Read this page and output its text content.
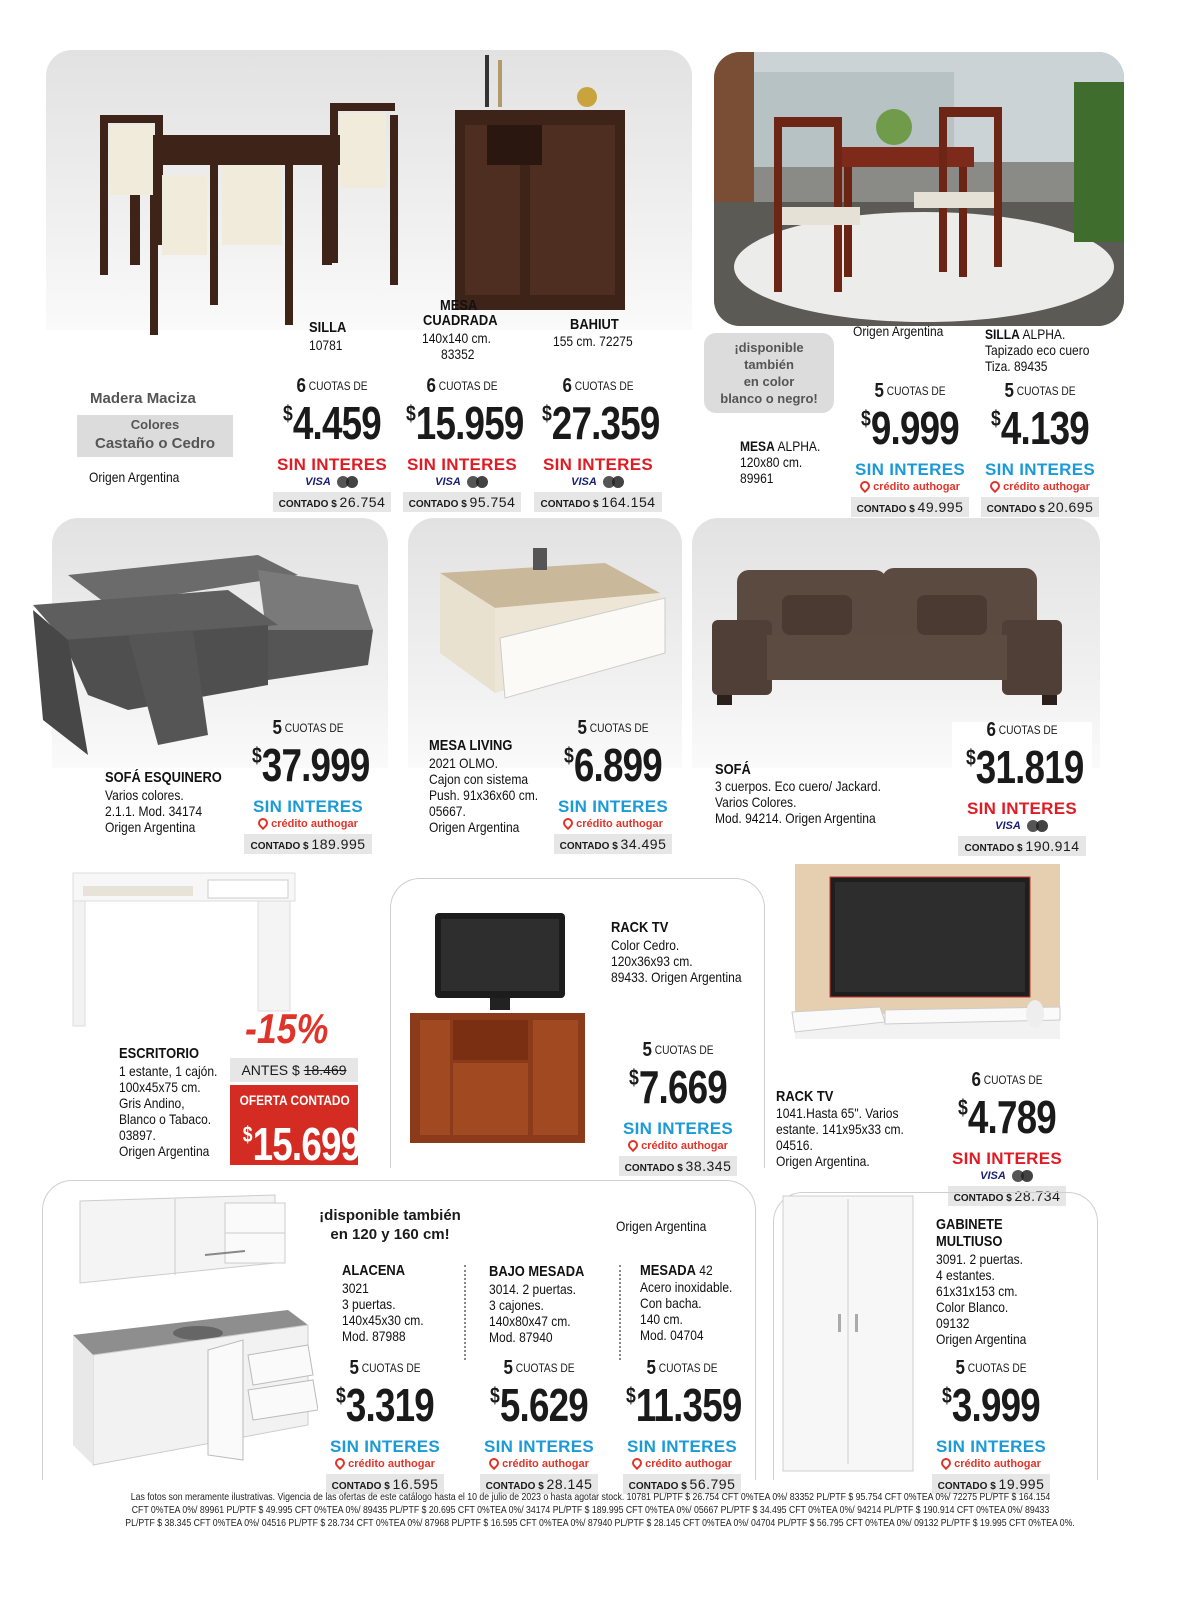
SILLA
10781
MESA
CUADRADA
140x140 cm.
83352
BAHIUT
155 cm. 72275
Madera Maciza
Colores
Castaño o Cedro
Origen Argentina
6 CUOTAS DE
$4.459
SIN INTERES
VISA
CONTADO $ 26.754
6 CUOTAS DE
$15.959
SIN INTERES
VISA
CONTADO $ 95.754
6 CUOTAS DE
$27.359
SIN INTERES
VISA
CONTADO $ 164.154
¡disponible
también
en color
blanco o negro!
Origen Argentina
MESA ALPHA.
120x80 cm.
89961
SILLA ALPHA.
Tapizado eco cuero
Tiza. 89435
5 CUOTAS DE
$9.999
SIN INTERES
crédito authogar
CONTADO $ 49.995
5 CUOTAS DE
$4.139
SIN INTERES
crédito authogar
CONTADO $ 20.695
SOFÁ ESQUINERO
Varios colores.
2.1.1. Mod. 34174
Origen Argentina
5 CUOTAS DE
$37.999
SIN INTERES
crédito authogar
CONTADO $ 189.995
MESA LIVING
2021 OLMO.
Cajon con sistema
Push. 91x36x60 cm.
05667.
Origen Argentina
5 CUOTAS DE
$6.899
SIN INTERES
crédito authogar
CONTADO $ 34.495
SOFÁ
3 cuerpos. Eco cuero/ Jackard.
Varios Colores.
Mod. 94214. Origen Argentina
6 CUOTAS DE
$31.819
SIN INTERES
VISA
CONTADO $ 190.914
-15%
ANTES $ 18.469
OFERTA CONTADO
$15.699
ESCRITORIO
1 estante, 1 cajón.
100x45x75 cm.
Gris Andino,
Blanco o Tabaco.
03897.
Origen Argentina
RACK TV
Color Cedro.
120x36x93 cm.
89433. Origen Argentina
5 CUOTAS DE
$7.669
SIN INTERES
crédito authogar
CONTADO $ 38.345
RACK TV
1041.Hasta 65". Varios
estante. 141x95x33 cm.
04516.
Origen Argentina.
6 CUOTAS DE
$4.789
SIN INTERES
VISA
CONTADO $ 28.734
¡disponible también
en 120 y 160 cm!	Origen Argentina
ALACENA
3021
3 puertas.
140x45x30 cm.
Mod. 87988
BAJO MESADA
3014. 2 puertas.
3 cajones.
140x80x47 cm.
Mod. 87940
MESADA 42
Acero inoxidable.
Con bacha.
140 cm.
Mod. 04704
5 CUOTAS DE
$3.319
SIN INTERES
crédito authogar
CONTADO $ 16.595
5 CUOTAS DE
$5.629
SIN INTERES
crédito authogar
CONTADO $ 28.145
5 CUOTAS DE
$11.359
SIN INTERES
crédito authogar
CONTADO $ 56.795
GABINETE
MULTIUSO
3091. 2 puertas.
4 estantes.
61x31x153 cm.
Color Blanco.
09132
Origen Argentina
5 CUOTAS DE
$3.999
SIN INTERES
crédito authogar
CONTADO $ 19.995
Las fotos son meramente ilustrativas. Vigencia de las ofertas de este catálogo hasta el 10 de julio de 2023 o hasta agotar stock. 10781 PL/PTF $ 26.754 CFT 0%TEA 0%/ 83352 PL/PTF $ 95.754 CFT 0%TEA 0%/ 72275 PL/PTF $ 164.154
CFT 0%TEA 0%/ 89961 PL/PTF $ 49.995 CFT 0%TEA 0%/ 89435 PL/PTF $ 20.695 CFT 0%TEA 0%/ 34174 PL/PTF $ 189.995 CFT 0%TEA 0%/ 05667 PL/PTF $ 34.495 CFT 0%TEA 0%/ 94214 PL/PTF $ 190.914 CFT 0%TEA 0%/ 89433
PL/PTF $ 38.345 CFT 0%TEA 0%/ 04516 PL/PTF $ 28.734 CFT 0%TEA 0%/ 87968 PL/PTF $ 16.595 CFT 0%TEA 0%/ 87940 PL/PTF $ 28.145 CFT 0%TEA 0%/ 04704 PL/PTF $ 56.795 CFT 0%TEA 0%/ 09132 PL/PTF $ 19.995 CFT 0%TEA 0%.
